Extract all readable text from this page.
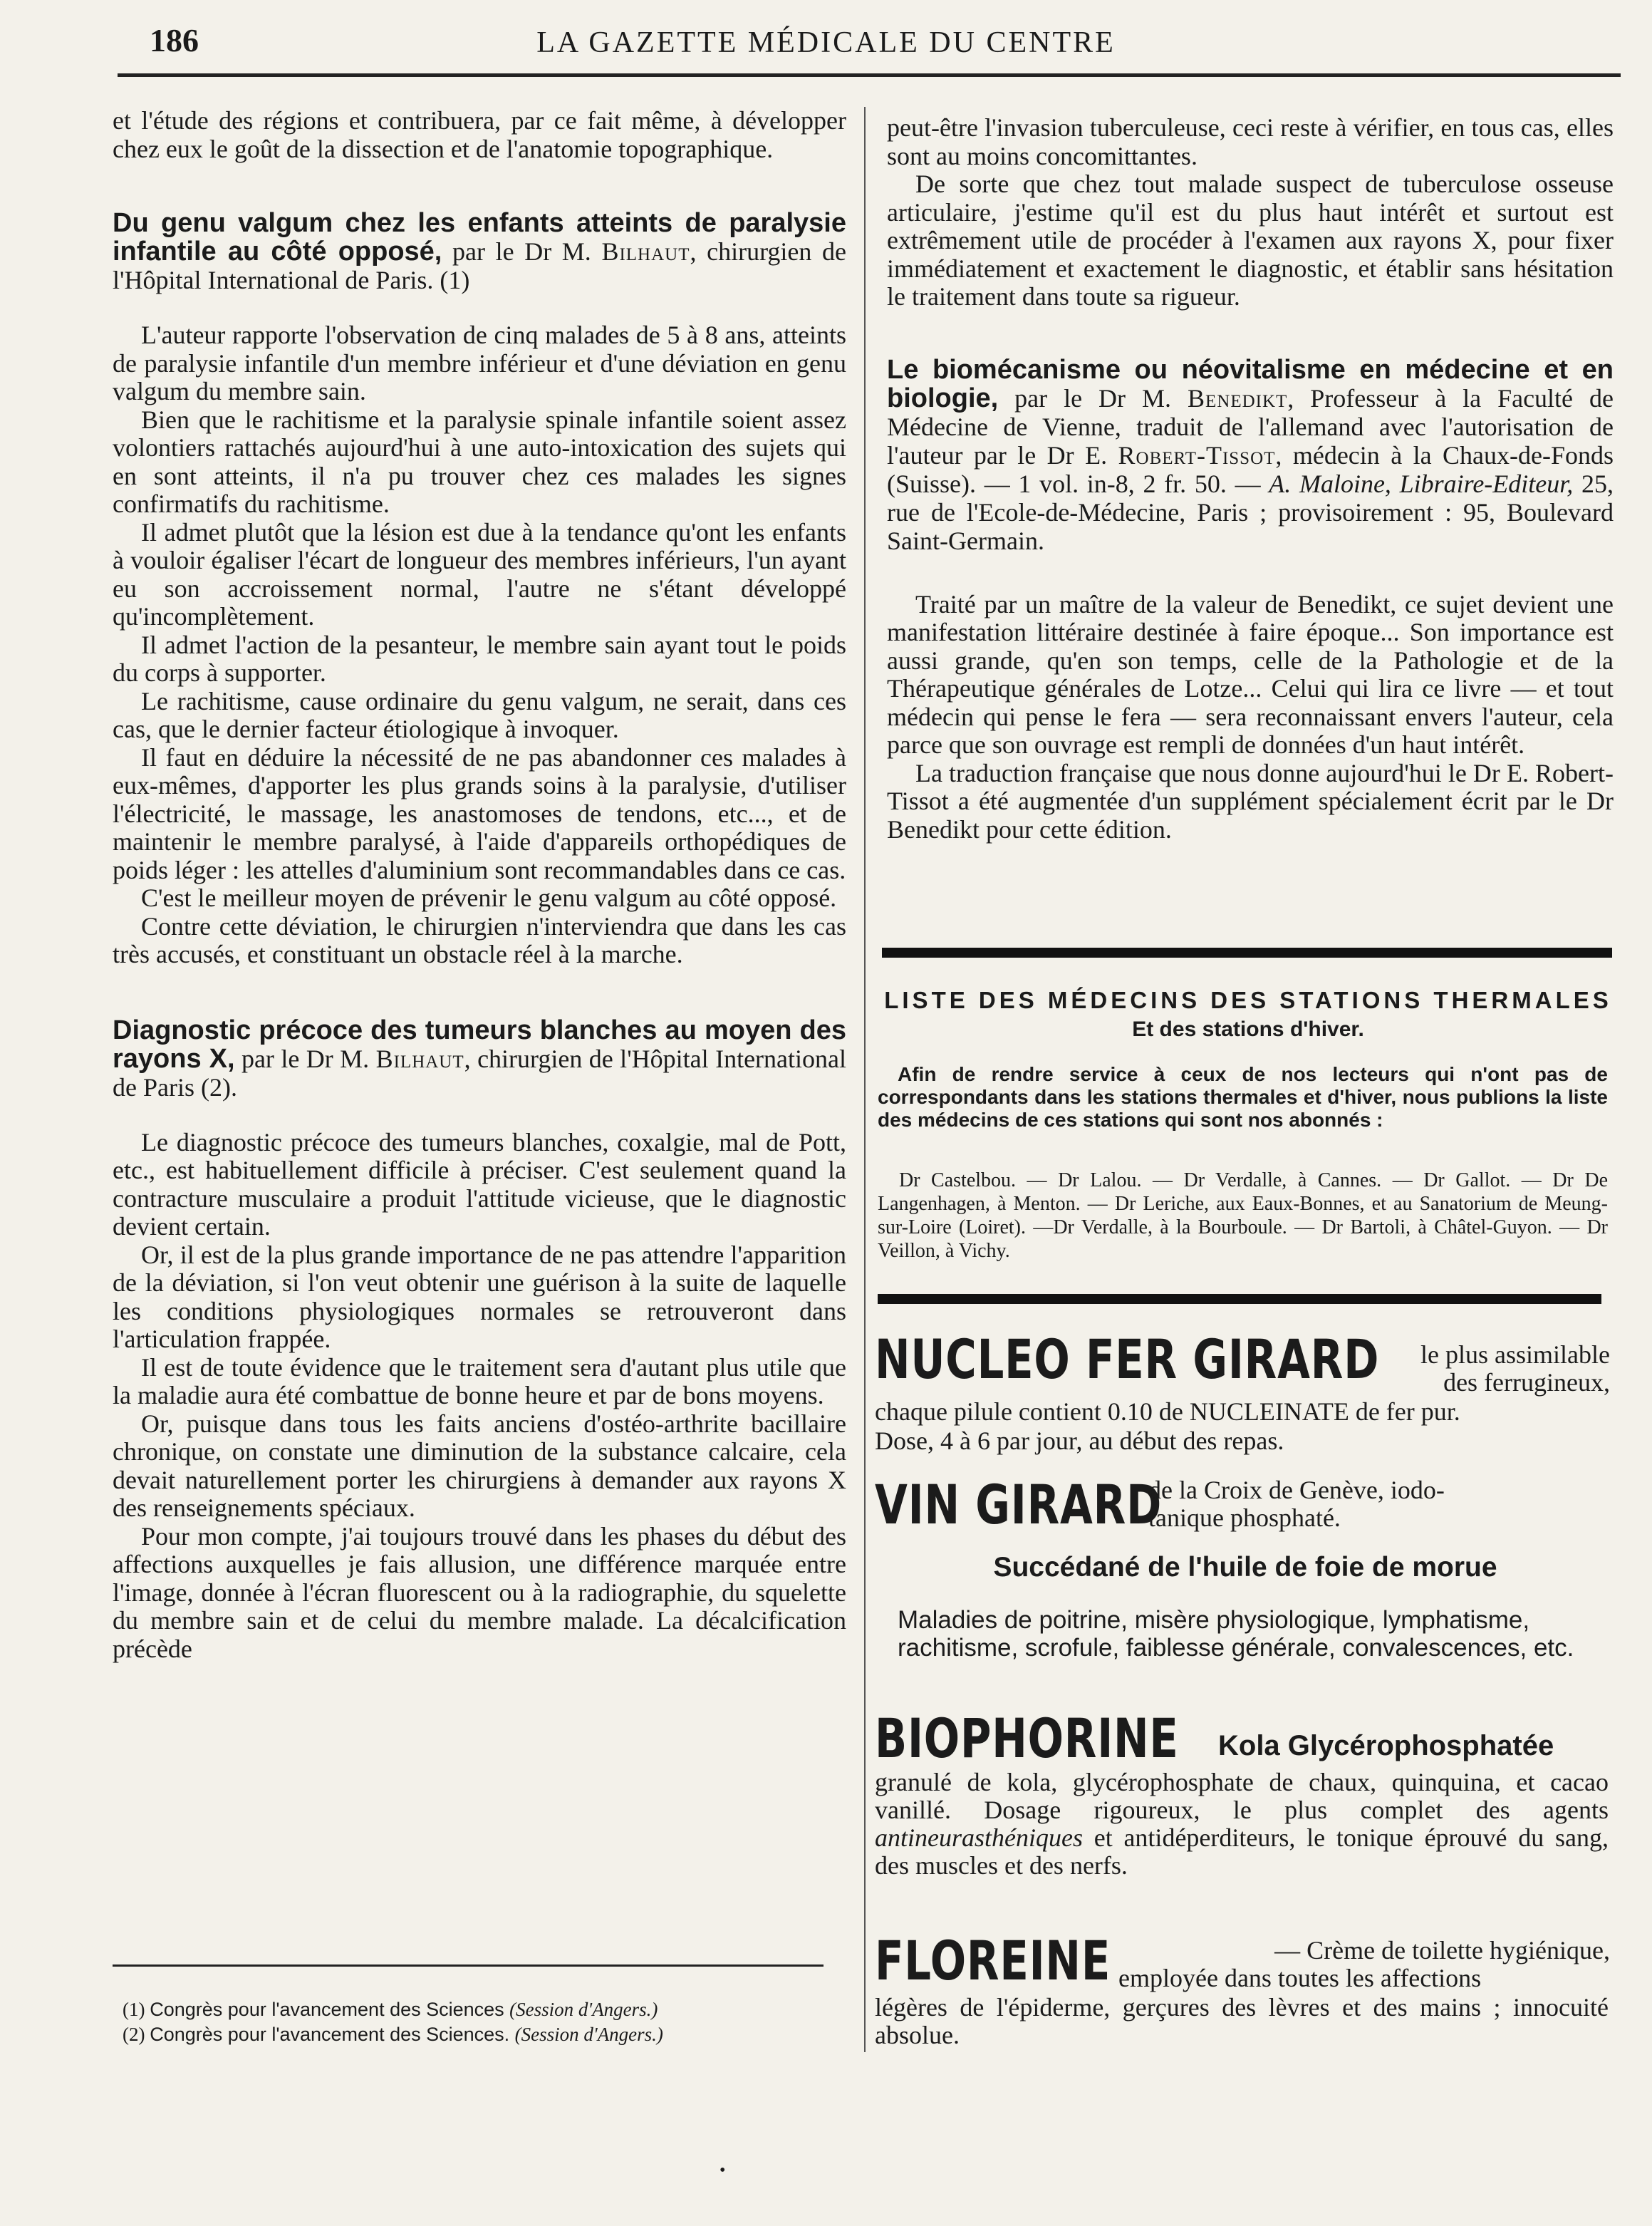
186	LA GAZETTE MÉDICALE DU CENTRE

et l'étude des régions et contribuera, par ce fait même, à développer chez eux le goût de la dissection et de l'anatomie topographique.

Du genu valgum chez les enfants atteints de paralysie infantile au côté opposé, par le Dr M. Bilhaut, chirurgien de l'Hôpital International de Paris. (1)

L'auteur rapporte l'observation de cinq malades de 5 à 8 ans, atteints de paralysie infantile d'un membre inférieur et d'une déviation en genu valgum du membre sain.

Bien que le rachitisme et la paralysie spinale infantile soient assez volontiers rattachés aujourd'hui à une auto-intoxication des sujets qui en sont atteints, il n'a pu trouver chez ces malades les signes confirmatifs du rachitisme.

Il admet plutôt que la lésion est due à la tendance qu'ont les enfants à vouloir égaliser l'écart de longueur des membres inférieurs, l'un ayant eu son accroissement normal, l'autre ne s'étant développé qu'incomplètement.

Il admet l'action de la pesanteur, le membre sain ayant tout le poids du corps à supporter.

Le rachitisme, cause ordinaire du genu valgum, ne serait, dans ces cas, que le dernier facteur étiologique à invoquer.

Il faut en déduire la nécessité de ne pas abandonner ces malades à eux-mêmes, d'apporter les plus grands soins à la paralysie, d'utiliser l'électricité, le massage, les anastomoses de tendons, etc..., et de maintenir le membre paralysé, à l'aide d'appareils orthopédiques de poids léger : les attelles d'aluminium sont recommandables dans ce cas.

C'est le meilleur moyen de prévenir le genu valgum au côté opposé.

Contre cette déviation, le chirurgien n'interviendra que dans les cas très accusés, et constituant un obstacle réel à la marche.

Diagnostic précoce des tumeurs blanches au moyen des rayons X, par le Dr M. Bilhaut, chirurgien de l'Hôpital International de Paris (2).

Le diagnostic précoce des tumeurs blanches, coxalgie, mal de Pott, etc., est habituellement difficile à préciser. C'est seulement quand la contracture musculaire a produit l'attitude vicieuse, que le diagnostic devient certain.

Or, il est de la plus grande importance de ne pas attendre l'apparition de la déviation, si l'on veut obtenir une guérison à la suite de laquelle les conditions physiologiques normales se retrouveront dans l'articulation frappée.

Il est de toute évidence que le traitement sera d'autant plus utile que la maladie aura été combattue de bonne heure et par de bons moyens.

Or, puisque dans tous les faits anciens d'ostéo-arthrite bacillaire chronique, on constate une diminution de la substance calcaire, cela devait naturellement porter les chirurgiens à demander aux rayons X des renseignements spéciaux.

Pour mon compte, j'ai toujours trouvé dans les phases du début des affections auxquelles je fais allusion, une différence marquée entre l'image, donnée à l'écran fluorescent ou à la radiographie, du squelette du membre sain et de celui du membre malade. La décalcification précède

(1) Congrès pour l'avancement des Sciences (Session d'Angers.)
(2) Congrès pour l'avancement des Sciences. (Session d'Angers.)

peut-être l'invasion tuberculeuse, ceci reste à vérifier, en tous cas, elles sont au moins concomittantes.

De sorte que chez tout malade suspect de tuberculose osseuse articulaire, j'estime qu'il est du plus haut intérêt et surtout est extrêmement utile de procéder à l'examen aux rayons X, pour fixer immédiatement et exactement le diagnostic, et établir sans hésitation le traitement dans toute sa rigueur.

Le biomécanisme ou néovitalisme en médecine et en biologie, par le Dr M. Benedikt, Professeur à la Faculté de Médecine de Vienne, traduit de l'allemand avec l'autorisation de l'auteur par le Dr E. Robert-Tissot, médecin à la Chaux-de-Fonds (Suisse). — 1 vol. in-8, 2 fr. 50. — A. Maloine, Libraire-Editeur, 25, rue de l'Ecole-de-Médecine, Paris ; provisoirement : 95, Boulevard Saint-Germain.

Traité par un maître de la valeur de Benedikt, ce sujet devient une manifestation littéraire destinée à faire époque... Son importance est aussi grande, qu'en son temps, celle de la Pathologie et de la Thérapeutique générales de Lotze... Celui qui lira ce livre — et tout médecin qui pense le fera — sera reconnaissant envers l'auteur, cela parce que son ouvrage est rempli de données d'un haut intérêt.

La traduction française que nous donne aujourd'hui le Dr E. Robert-Tissot a été augmentée d'un supplément spécialement écrit par le Dr Benedikt pour cette édition.

LISTE DES MÉDECINS DES STATIONS THERMALES
Et des stations d'hiver.
Afin de rendre service à ceux de nos lecteurs qui n'ont pas de correspondants dans les stations thermales et d'hiver, nous publions la liste des médecins de ces stations qui sont nos abonnés :
Dr Castelbou. — Dr Lalou. — Dr Verdalle, à Cannes. — Dr Gallot. — Dr De Langenhagen, à Menton. — Dr Leriche, aux Eaux-Bonnes, et au Sanatorium de Meung-sur-Loire (Loiret). —Dr Verdalle, à la Bourboule. — Dr Bartoli, à Châtel-Guyon. — Dr Veillon, à Vichy.
NUCLEO FER GIRARD	le plus assimilable
des ferrugineux,
chaque pilule contient 0.10 de NUCLEINATE de fer pur.
Dose, 4 à 6 par jour, au début des repas.
VIN GIRARD
de la Croix de Genève, iodo-
tanique phosphaté.
Succédané de l'huile de foie de morue
Maladies de poitrine, misère physiologique, lymphatisme, rachitisme, scrofule, faiblesse générale, convalescences, etc.
BIOPHORINE Kola Glycérophosphatée
granulé de kola, glycérophosphate de chaux, quinquina, et cacao vanillé. Dosage rigoureux, le plus complet des agents antineurasthéniques et antidéperditeurs, le tonique éprouvé du sang, des muscles et des nerfs.
FLOREINE	— Crème de toilette hygiénique,
employée dans toutes les affections
légères de l'épiderme, gerçures des lèvres et des mains ; innocuité absolue.
•
